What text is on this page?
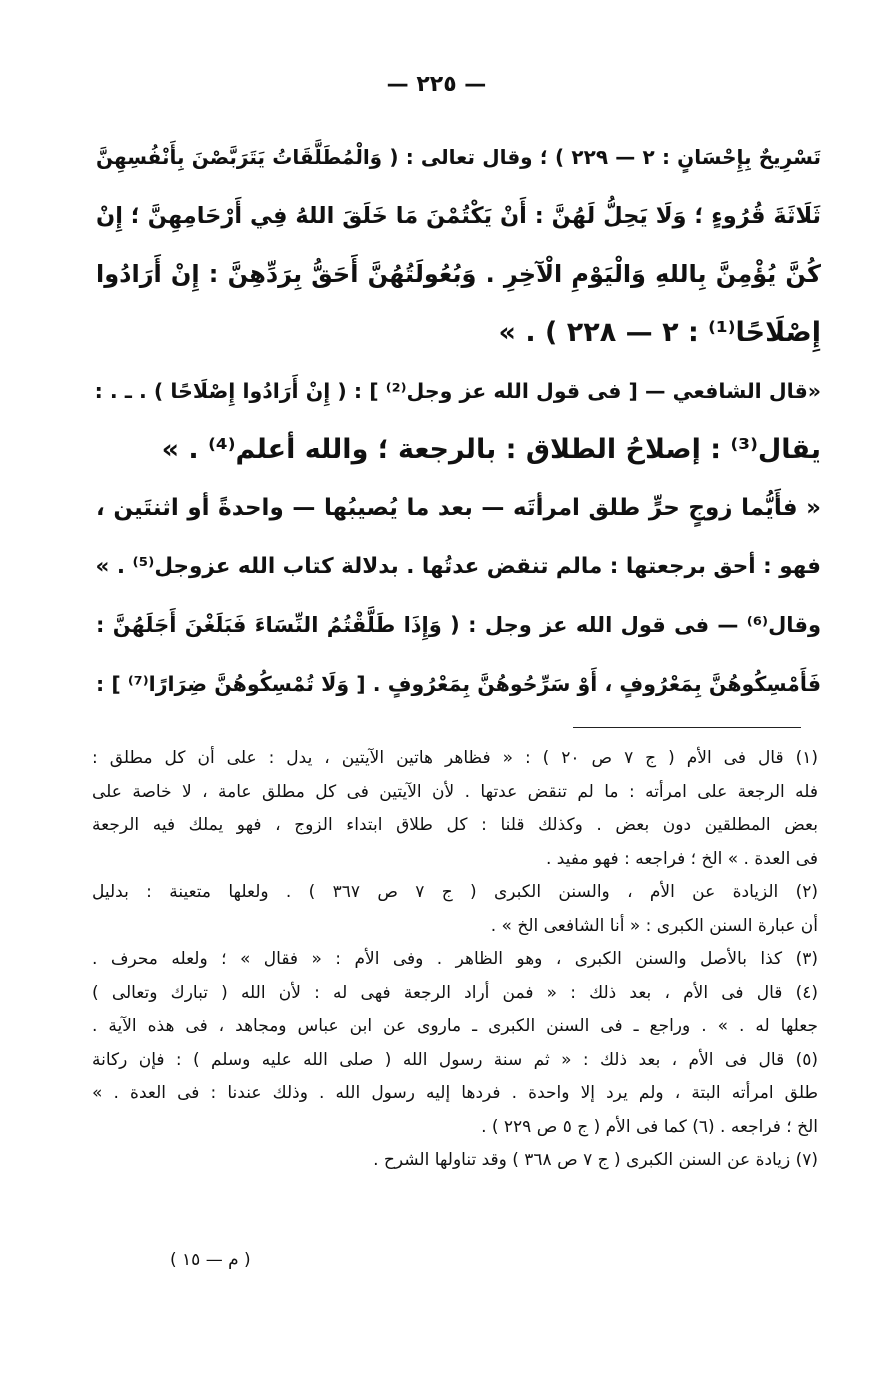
— ٢٢٥ —
تَسْرِيحٌ بِإِحْسَانٍ : ٢ — ٢٢٩ ) ؛ وقال تعالى : ( وَالْمُطَلَّقَاتُ يَتَرَبَّصْنَ بِأَنْفُسِهِنَّ
ثَلَاثَةَ قُرُوءٍ ؛ وَلَا يَحِلُّ لَهُنَّ : أَنْ يَكْتُمْنَ مَا خَلَقَ اللهُ فِي أَرْحَامِهِنَّ ؛ إِنْ
كُنَّ يُؤْمِنَّ بِاللهِ وَالْيَوْمِ الْآخِرِ . وَبُعُولَتُهُنَّ أَحَقُّ بِرَدِّهِنَّ : إِنْ أَرَادُوا
إِصْلَاحًا⁽¹⁾ : ٢ — ٢٢٨ ) . »
«قال الشافعي — [ فى قول الله عز وجل⁽²⁾ ] : ( إِنْ أَرَادُوا إِصْلَاحًا ) . ـ . :
يقال⁽³⁾ : إصلاحُ الطلاق : بالرجعة ؛ والله أعلم⁽⁴⁾ . »
« فأَيُّما زوجٍ حرٍّ طلق امرأتَه — بعد ما يُصيبُها — واحدةً أو اثنتَين ،
فهو : أحق برجعتها : مالم تنقض عدتُها . بدلالة كتاب الله عزوجل⁽⁵⁾ . »
وقال⁽⁶⁾ — فى قول الله عز وجل : ( وَإِذَا طَلَّقْتُمُ النِّسَاءَ فَبَلَغْنَ أَجَلَهُنَّ :
فَأَمْسِكُوهُنَّ بِمَعْرُوفٍ ، أَوْ سَرِّحُوهُنَّ بِمَعْرُوفٍ . [ وَلَا تُمْسِكُوهُنَّ ضِرَارًا⁽⁷⁾ ] :
(١) قال فى الأم ( ج ٧ ص ٢٠ ) : « فظاهر هاتين الآيتين ، يدل : على أن كل مطلق :
فله الرجعة على امرأته : ما لم تنقض عدتها . لأن الآيتين فى كل مطلق عامة ، لا خاصة على
بعض المطلقين دون بعض . وكذلك قلنا : كل طلاق ابتداء الزوج ، فهو يملك فيه الرجعة
فى العدة . » الخ ؛ فراجعه : فهو مفيد .
(٢) الزيادة عن الأم ، والسنن الكبرى ( ج ٧ ص ٣٦٧ ) . ولعلها متعينة : بدليل
أن عبارة السنن الكبرى : « أنا الشافعى الخ » .
(٣) كذا بالأصل والسنن الكبرى ، وهو الظاهر . وفى الأم : « فقال » ؛ ولعله محرف .
(٤) قال فى الأم ، بعد ذلك : « فمن أراد الرجعة فهى له : لأن الله ( تبارك وتعالى )
جعلها له . » . وراجع ـ فى السنن الكبرى ـ ماروى عن ابن عباس ومجاهد ، فى هذه الآية .
(٥) قال فى الأم ، بعد ذلك : « ثم سنة رسول الله ( صلى الله عليه وسلم ) : فإن ركانة
طلق امرأته البتة ، ولم يرد إلا واحدة . فردها إليه رسول الله . وذلك عندنا : فى العدة . »
الخ ؛ فراجعه . (٦) كما فى الأم ( ج ٥ ص ٢٢٩ ) .
(٧) زيادة عن السنن الكبرى ( ج ٧ ص ٣٦٨ ) وقد تناولها الشرح .
( م — ١٥ )
